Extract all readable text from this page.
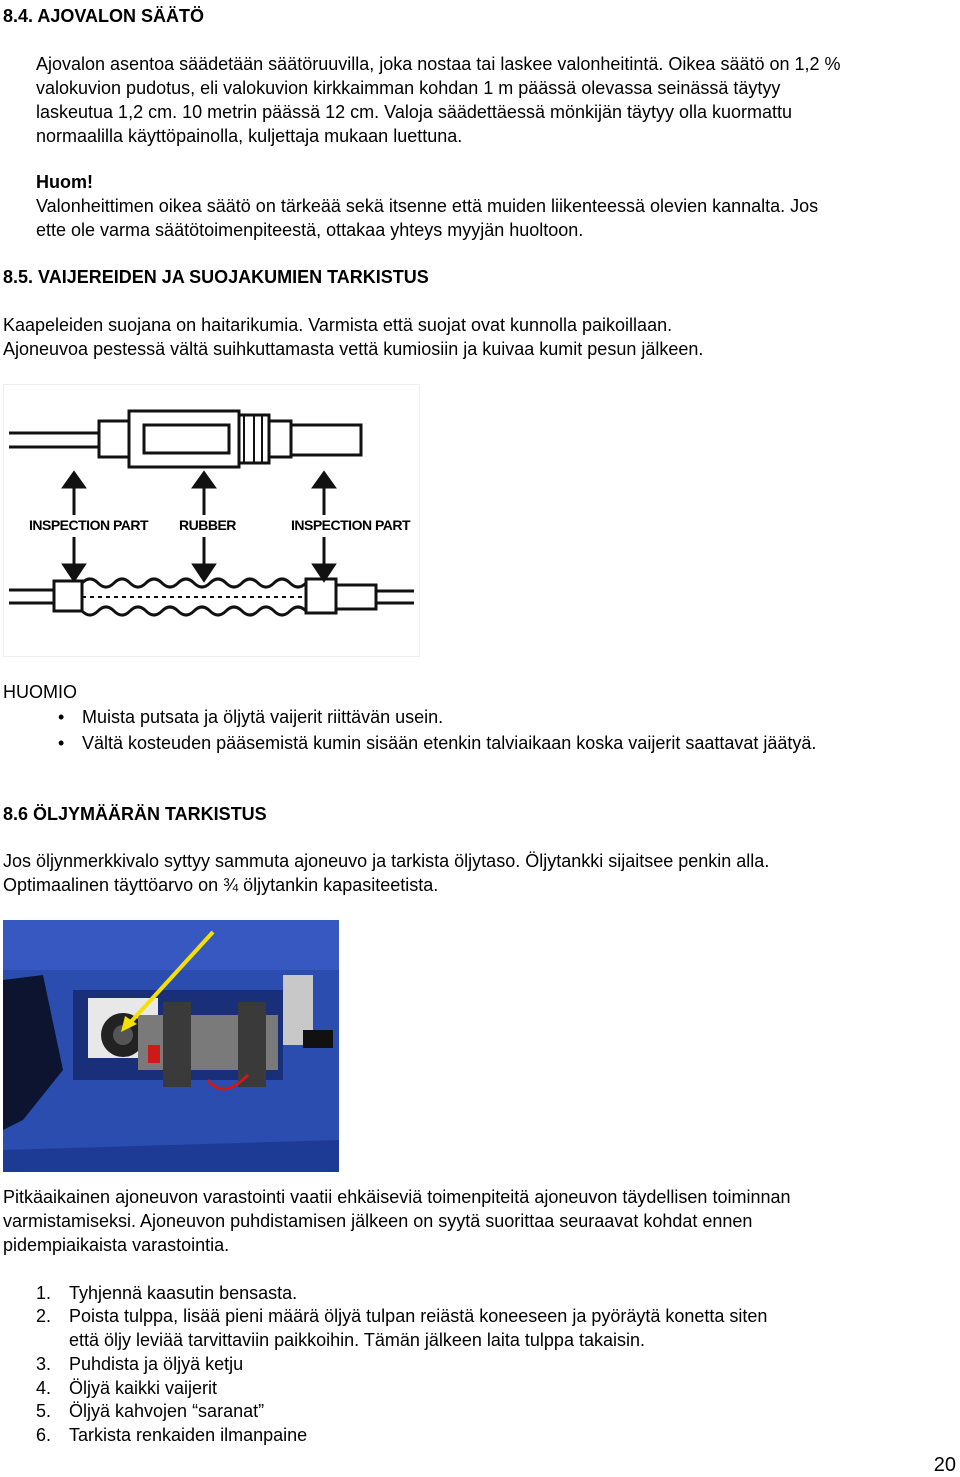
8.4. AJOVALON SÄÄTÖ

Ajovalon asentoa säädetään säätöruuvilla, joka nostaa tai laskee valonheitintä. Oikea säätö on 1,2 %

valokuvion pudotus, eli valokuvion kirkkaimman kohdan 1 m päässä olevassa seinässä täytyy

laskeutua 1,2 cm. 10 metrin päässä 12 cm. Valoja säädettäessä mönkijän täytyy olla kuormattu

normaalilla käyttöpainolla, kuljettaja mukaan luettuna.

Huom!

Valonheittimen oikea säätö on tärkeää sekä itsenne että muiden liikenteessä olevien kannalta. Jos

ette ole varma säätötoimenpiteestä, ottakaa yhteys myyjän huoltoon.

8.5. VAIJEREIDEN JA SUOJAKUMIEN TARKISTUS

Kaapeleiden suojana on haitarikumia. Varmista että suojat ovat kunnolla paikoillaan.

Ajoneuvoa pestessä vältä suihkuttamasta vettä kumiosiin ja kuivaa kumit pesun jälkeen.

INSPECTION PART RUBBER	INSPECTION PART
HUOMIO
• Muista putsata ja öljytä vaijerit riittävän usein.
• Vältä kosteuden pääsemistä kumin sisään etenkin talviaikaan koska vaijerit saattavat jäätyä.
8.6 ÖLJYMÄÄRÄN TARKISTUS

Jos öljynmerkkivalo syttyy sammuta ajoneuvo ja tarkista öljytaso. Öljytankki sijaitsee penkin alla.

Optimaalinen täyttöarvo on ¾ öljytankin kapasiteetista.

Pitkäaikainen ajoneuvon varastointi vaatii ehkäiseviä toimenpiteitä ajoneuvon täydellisen toiminnan

varmistamiseksi. Ajoneuvon puhdistamisen jälkeen on syytä suorittaa seuraavat kohdat ennen

pidempiaikaista varastointia.

1. Tyhjennä kaasutin bensasta.
2. Poista tulppa, lisää pieni määrä öljyä tulpan reiästä koneeseen ja pyöräytä konetta siten
että öljy leviää tarvittaviin paikkoihin. Tämän jälkeen laita tulppa takaisin.
3. Puhdista ja öljyä ketju
4. Öljyä kaikki vaijerit
5. Öljyä kahvojen “saranat”
6. Tarkista renkaiden ilmanpaine
20
